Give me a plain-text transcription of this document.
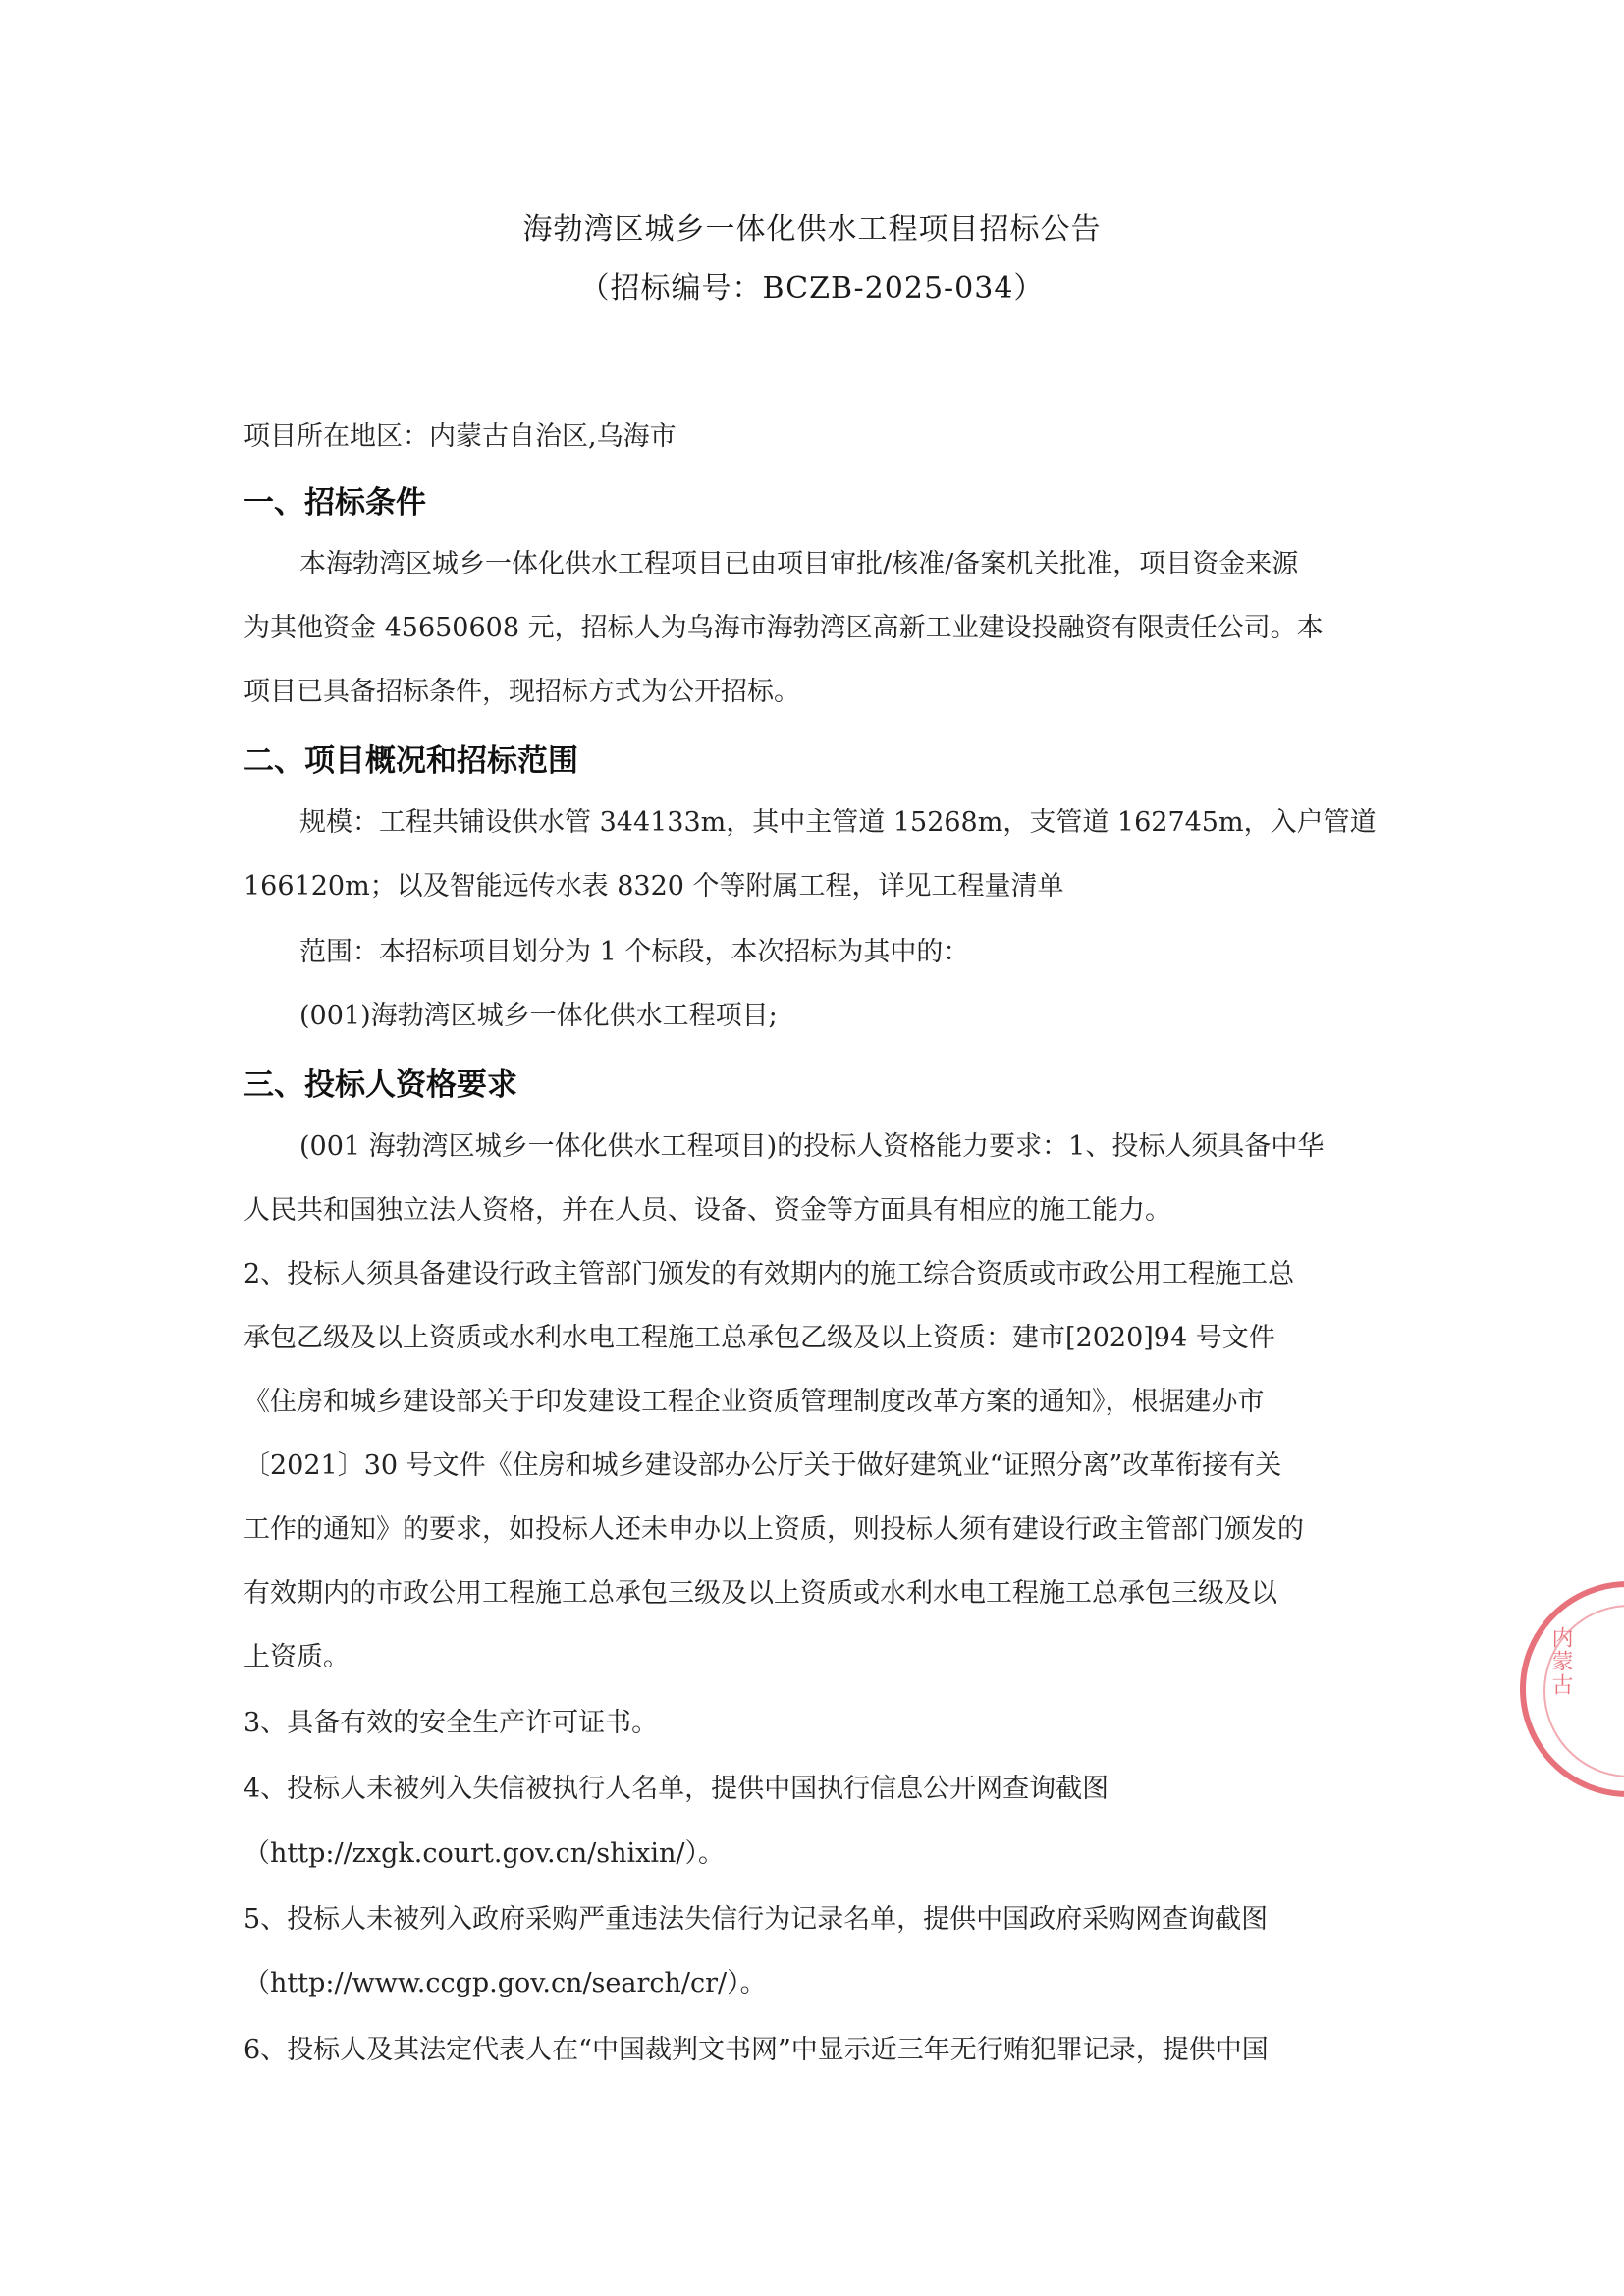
海勃湾区城乡一体化供水工程项目招标公告
（招标编号：BCZB-2025-034）
项目所在地区：内蒙古自治区,乌海市
一、招标条件
本海勃湾区城乡一体化供水工程项目已由项目审批/核准/备案机关批准，项目资金来源
为其他资金 45650608 元，招标人为乌海市海勃湾区高新工业建设投融资有限责任公司。本
项目已具备招标条件，现招标方式为公开招标。
二、项目概况和招标范围
规模：工程共铺设供水管 344133m，其中主管道 15268m，支管道 162745m，入户管道
166120m；以及智能远传水表 8320 个等附属工程，详见工程量清单
范围：本招标项目划分为 1 个标段，本次招标为其中的：
(001)海勃湾区城乡一体化供水工程项目;
三、投标人资格要求
(001 海勃湾区城乡一体化供水工程项目)的投标人资格能力要求：1、投标人须具备中华
人民共和国独立法人资格，并在人员、设备、资金等方面具有相应的施工能力。
2、投标人须具备建设行政主管部门颁发的有效期内的施工综合资质或市政公用工程施工总
承包乙级及以上资质或水利水电工程施工总承包乙级及以上资质：建市[2020]94 号文件
《住房和城乡建设部关于印发建设工程企业资质管理制度改革方案的通知》，根据建办市
〔2021〕30 号文件《住房和城乡建设部办公厅关于做好建筑业“证照分离”改革衔接有关
工作的通知》的要求，如投标人还未申办以上资质，则投标人须有建设行政主管部门颁发的
有效期内的市政公用工程施工总承包三级及以上资质或水利水电工程施工总承包三级及以
上资质。
3、具备有效的安全生产许可证书。
4、投标人未被列入失信被执行人名单，提供中国执行信息公开网查询截图
（http://zxgk.court.gov.cn/shixin/）。
5、投标人未被列入政府采购严重违法失信行为记录名单，提供中国政府采购网查询截图
（http://www.ccgp.gov.cn/search/cr/）。
6、投标人及其法定代表人在“中国裁判文书网”中显示近三年无行贿犯罪记录，提供中国
内蒙古
